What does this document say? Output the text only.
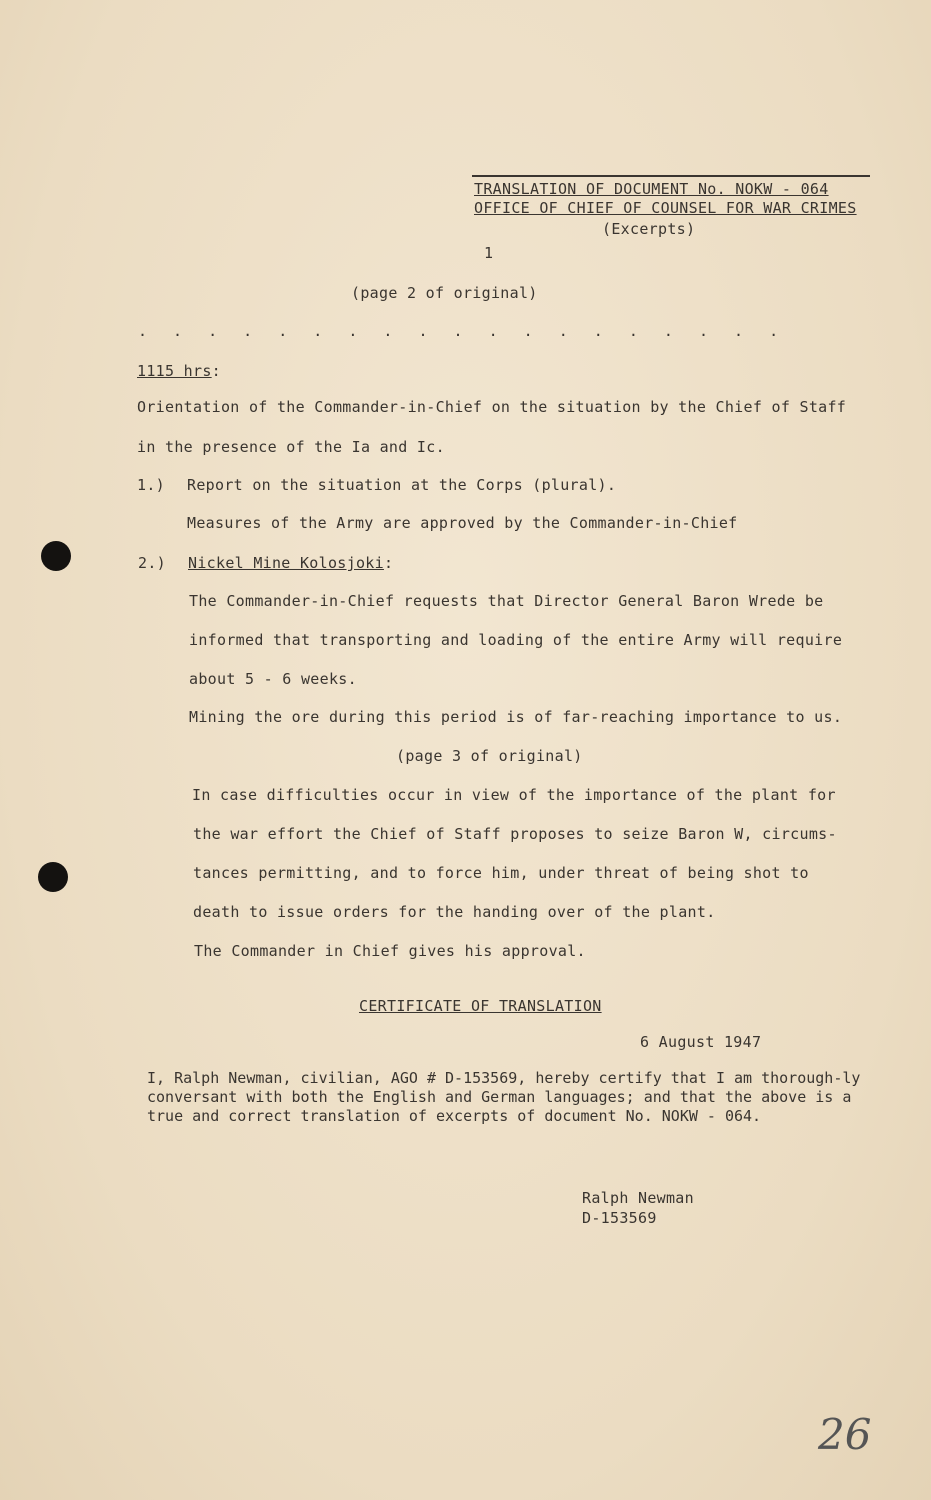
TRANSLATION OF DOCUMENT No. NOKW - 064
OFFICE OF CHIEF OF COUNSEL FOR WAR CRIMES
(Excerpts)
1
(page 2 of original)
. . . . . . . . . . . . . . . . . . .
1115 hrs:
Orientation of the Commander-in-Chief on the situation by the Chief of Staff
in the presence of the Ia and Ic.
1.) Report on the situation at the Corps (plural).
Measures of the Army are approved by the Commander-in-Chief
2.) Nickel Mine Kolosjoki:
The Commander-in-Chief requests that Director General Baron Wrede be
informed that transporting and loading of the entire Army will require
about 5 - 6 weeks.
Mining the ore during this period is of far-reaching importance to us.
(page 3 of original)
In case difficulties occur in view of the importance of the plant for
the war effort the Chief of Staff proposes to seize Baron W, circums-
tances permitting, and to force him, under threat of being shot to
death to issue orders for the handing over of the plant.
The Commander in Chief gives his approval.
CERTIFICATE OF TRANSLATION
6 August 1947
I, Ralph Newman, civilian, AGO # D-153569, hereby certify that I am thorough-ly conversant with both the English and German languages; and that the above is a true and correct translation of excerpts of document No. NOKW - 064.
Ralph Newman
D-153569
26
